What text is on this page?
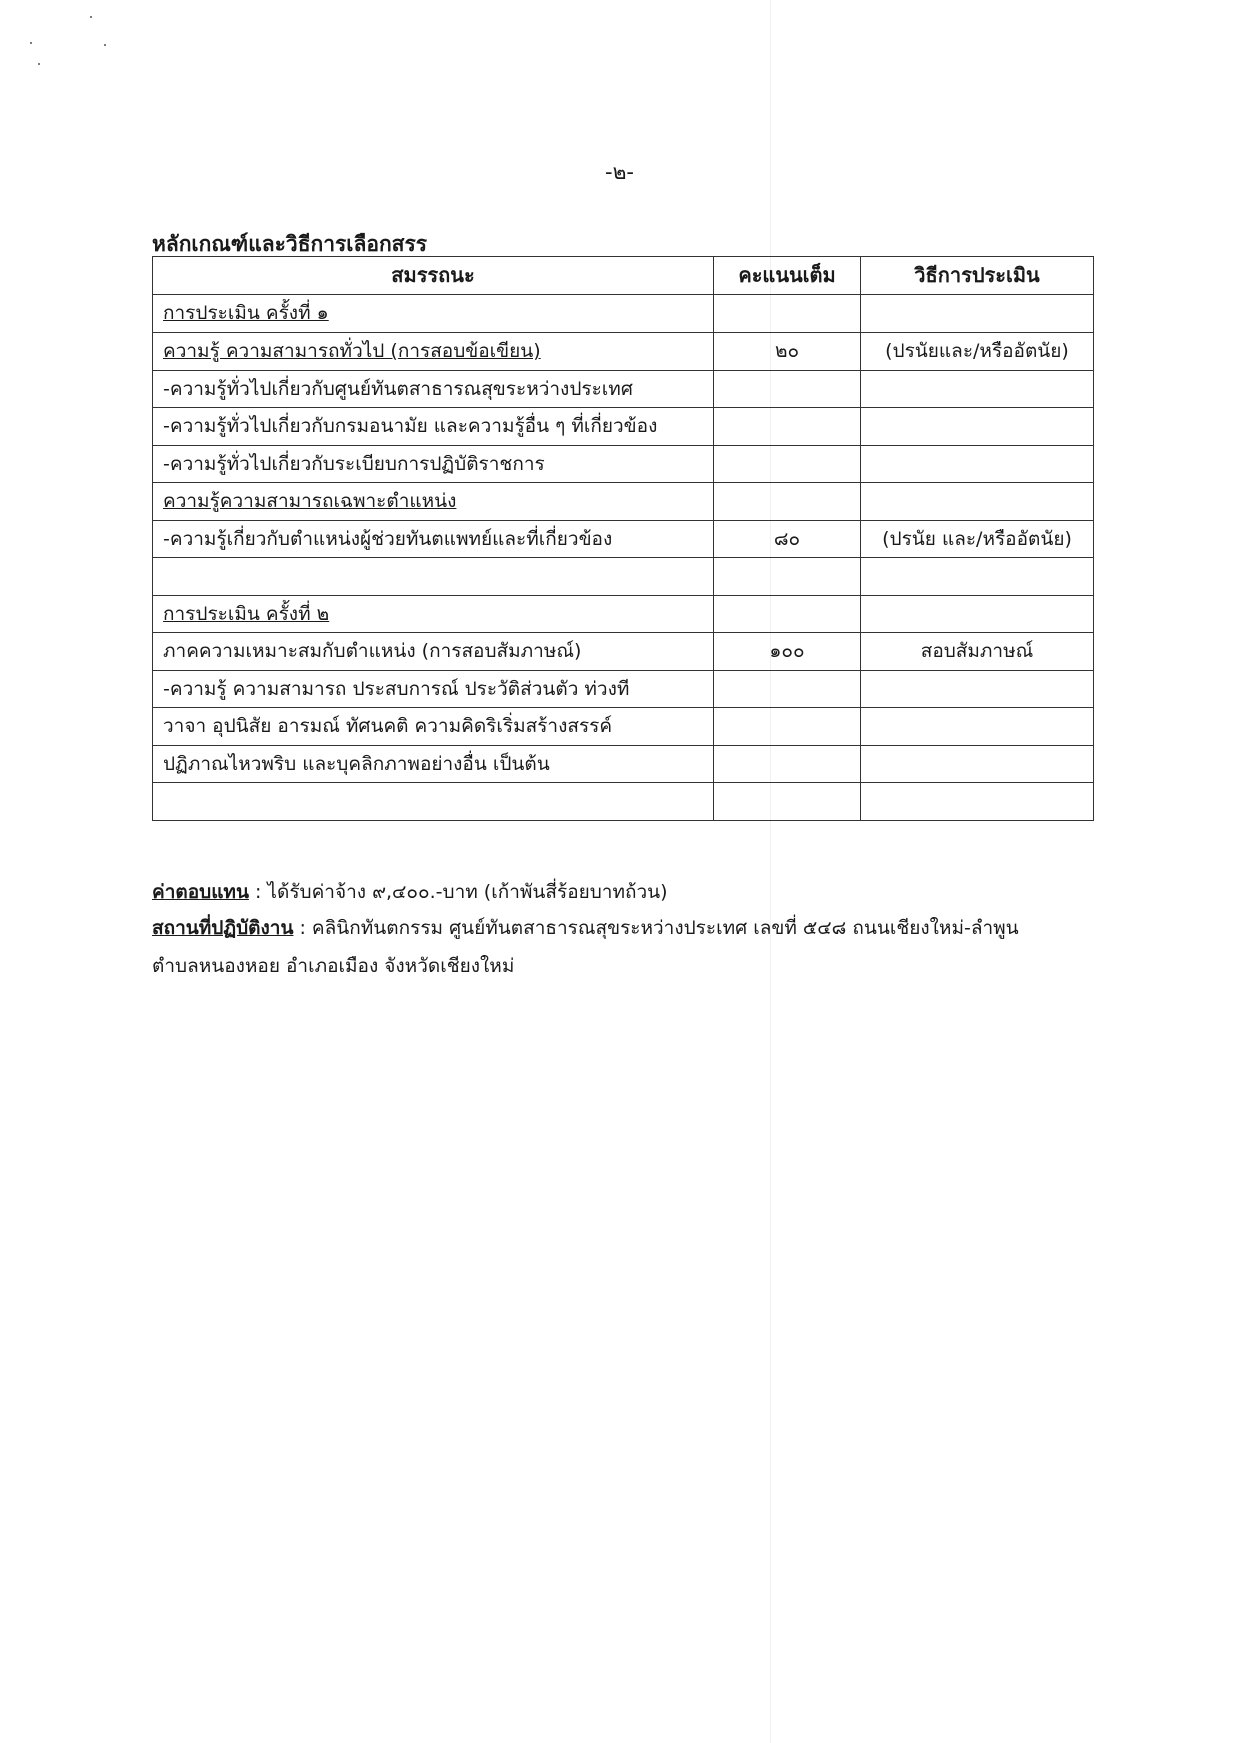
-๒-
หลักเกณฑ์และวิธีการเลือกสรร
สมรรถนะ	คะแนนเต็ม	วิธีการประเมิน
การประเมิน ครั้งที่ ๑		
ความรู้ ความสามารถทั่วไป (การสอบข้อเขียน)	๒๐	(ปรนัยและ/หรืออัตนัย)
-ความรู้ทั่วไปเกี่ยวกับศูนย์ทันตสาธารณสุขระหว่างประเทศ		
-ความรู้ทั่วไปเกี่ยวกับกรมอนามัย และความรู้อื่น ๆ ที่เกี่ยวข้อง		
-ความรู้ทั่วไปเกี่ยวกับระเบียบการปฏิบัติราชการ		
ความรู้ความสามารถเฉพาะตำแหน่ง		
-ความรู้เกี่ยวกับตำแหน่งผู้ช่วยทันตแพทย์และที่เกี่ยวข้อง	๘๐	(ปรนัย และ/หรืออัตนัย)

การประเมิน ครั้งที่ ๒		
ภาคความเหมาะสมกับตำแหน่ง (การสอบสัมภาษณ์)	๑๐๐	สอบสัมภาษณ์
-ความรู้ ความสามารถ ประสบการณ์ ประวัติส่วนตัว ท่วงที		
วาจา อุปนิสัย อารมณ์ ทัศนคติ ความคิดริเริ่มสร้างสรรค์		
ปฏิภาณไหวพริบ และบุคลิกภาพอย่างอื่น เป็นต้น		

ค่าตอบแทน : ได้รับค่าจ้าง ๙,๔๐๐.-บาท (เก้าพันสี่ร้อยบาทถ้วน)
สถานที่ปฏิบัติงาน : คลินิกทันตกรรม ศูนย์ทันตสาธารณสุขระหว่างประเทศ เลขที่ ๕๔๘ ถนนเชียงใหม่-ลำพูน
ตำบลหนองหอย อำเภอเมือง จังหวัดเชียงใหม่
